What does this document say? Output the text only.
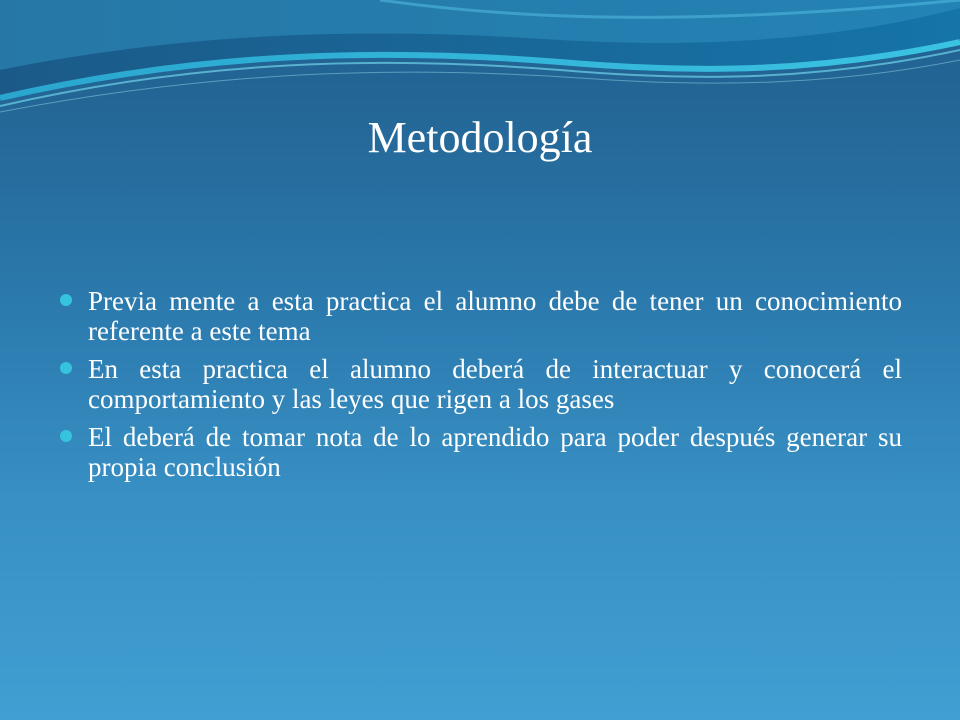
Metodología
Previa mente a esta practica el alumno debe de tener un conocimiento referente a este tema
En esta practica el alumno deberá de interactuar y conocerá el comportamiento y las leyes que rigen a los gases
El deberá de tomar nota de lo aprendido para poder después generar su propia conclusión
